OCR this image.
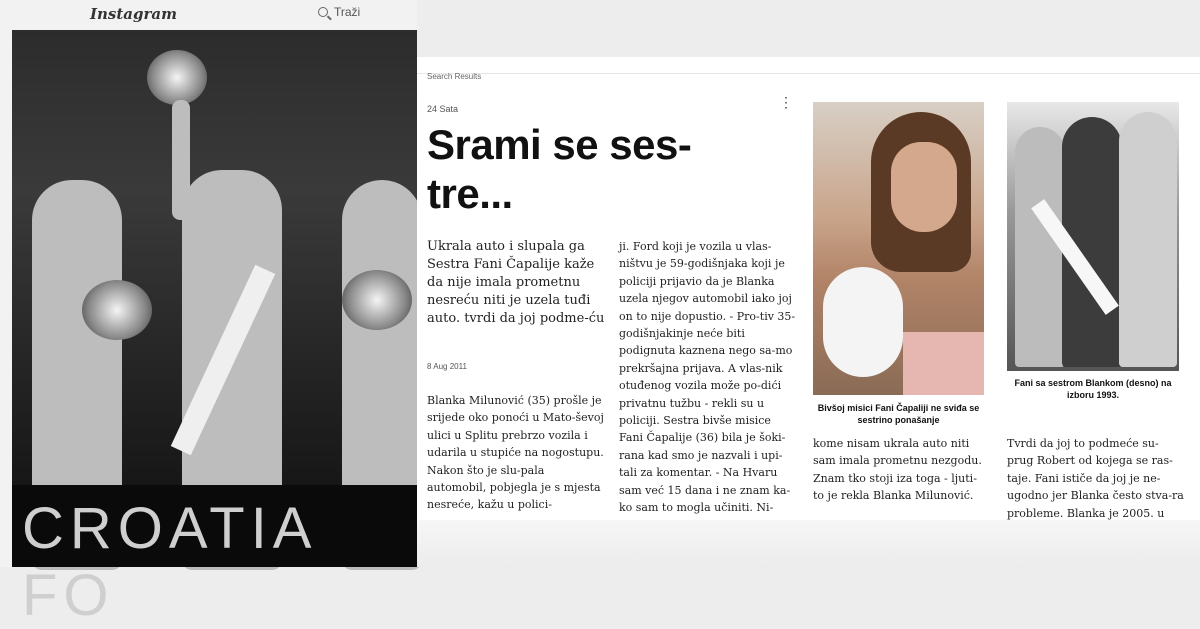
Instagram	Traži
CROATIA FO
Search Results
24 Sata	⋮
Srami se ses-tre...
Ukrala auto i slupala ga Sestra Fani Čapalije kaže da nije imala prometnu nesreću niti je uzela tuđi auto. tvrdi da joj podme-ću
8 Aug 2011
Blanka Milunović (35) prošle je srijede oko ponoći u Mato-ševoj ulici u Splitu prebrzo vozila i udarila u stupiće na nogostupu. Nakon što je slu-pala automobil, pobjegla je s mjesta nesreće, kažu u polici-
ji. Ford koji je vozila u vlas-ništvu je 59-godišnjaka koji je policiji prijavio da je Blanka uzela njegov automobil iako joj on to nije dopustio. - Pro-tiv 35-godišnjakinje neće biti podignuta kaznena nego sa-mo prekršajna prijava. A vlas-nik otuđenog vozila može po-dići privatnu tužbu - rekli su u policiji. Sestra bivše misice Fani Čapalije (36) bila je šoki-rana kad smo je nazvali i upi-tali za komentar. - Na Hvaru sam već 15 dana i ne znam ka-ko sam to mogla učiniti. Ni-
Bivšoj misici Fani Čapaliji ne sviđa se sestrino ponašanje
Fani sa sestrom Blankom (desno) na izboru 1993.
kome nisam ukrala auto niti sam imala prometnu nezgodu. Znam tko stoji iza toga - ljuti-to je rekla Blanka Milunović.
Tvrdi da joj to podmeće su-prug Robert od kojega se ras-taje. Fani ističe da joj je ne-ugodno jer Blanka često stva-ra probleme. Blanka je 2005. u
